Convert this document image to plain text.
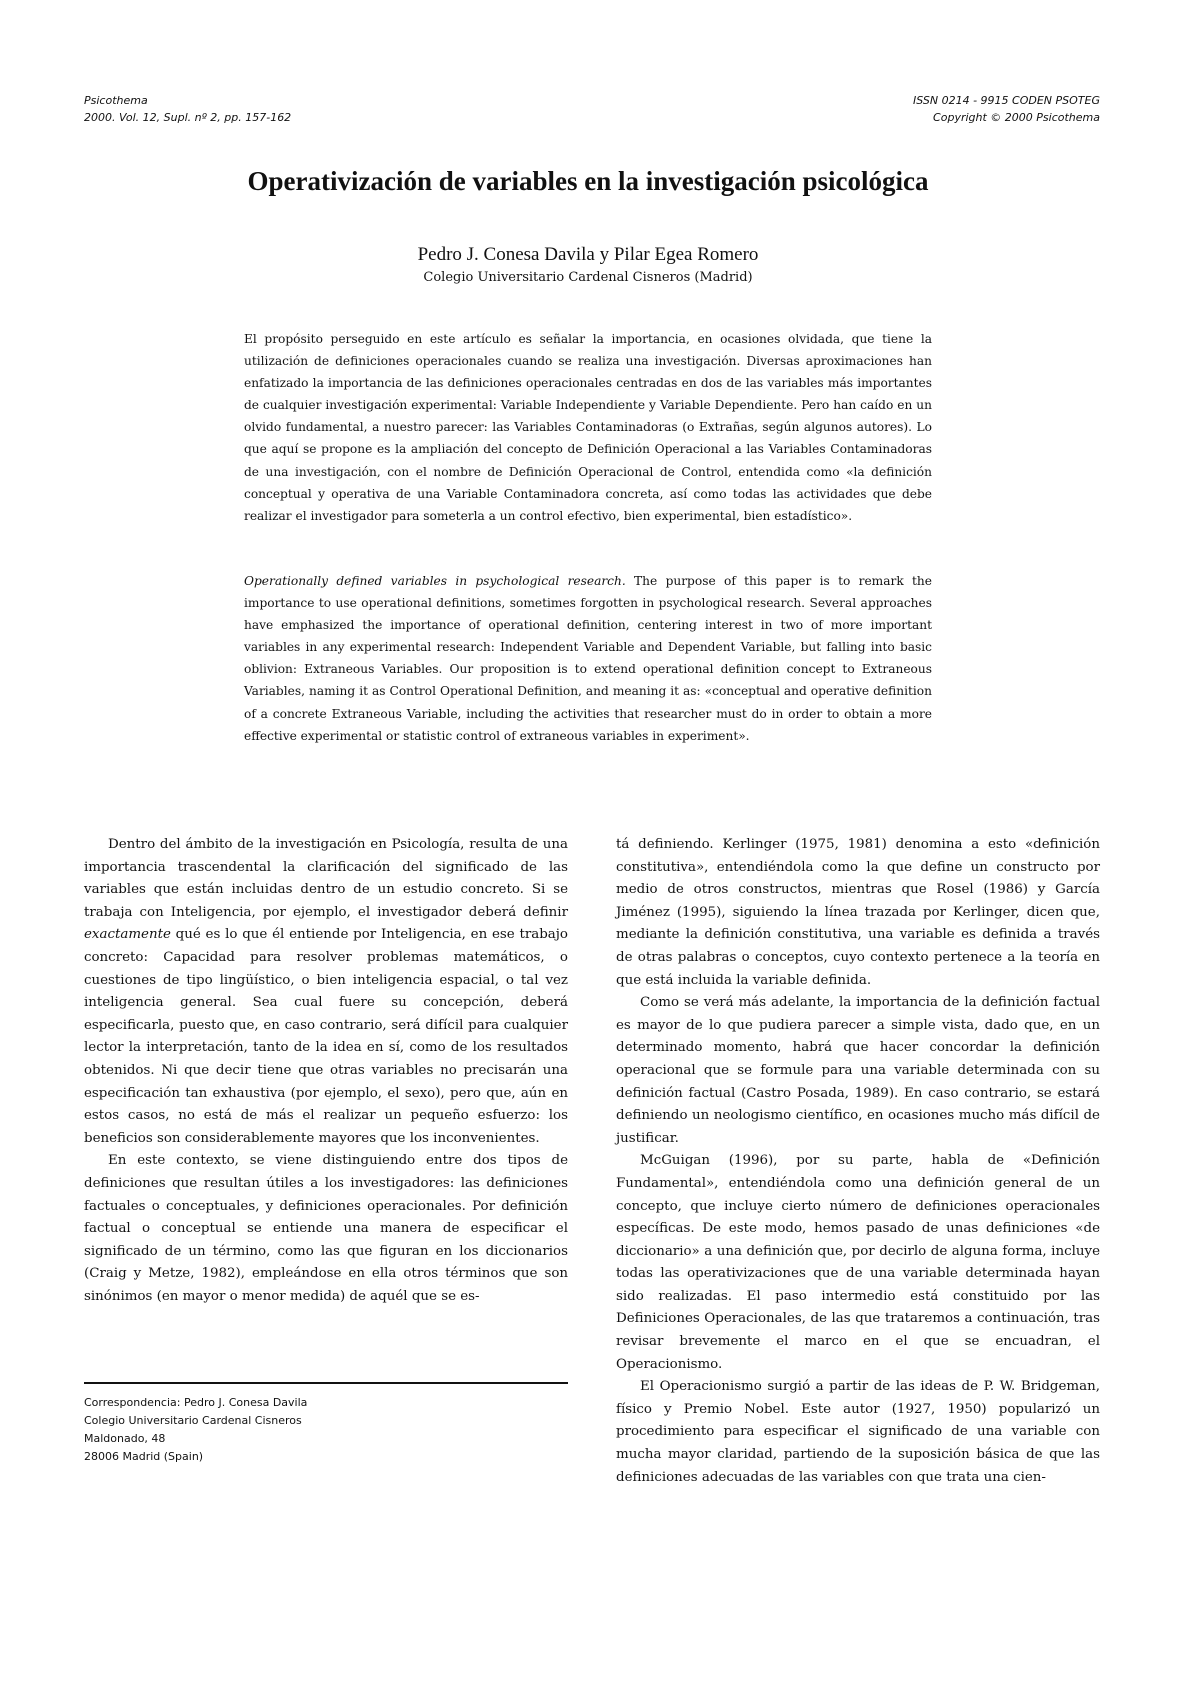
Psicothema
2000. Vol. 12, Supl. nº 2, pp. 157-162
ISSN 0214 - 9915 CODEN PSOTEG
Copyright © 2000 Psicothema
Operativización de variables en la investigación psicológica
Pedro J. Conesa Davila y Pilar Egea Romero
Colegio Universitario Cardenal Cisneros (Madrid)

El propósito perseguido en este artículo es señalar la importancia, en ocasiones olvidada, que tiene la utilización de definiciones operacionales cuando se realiza una investigación. Diversas aproximaciones han enfatizado la importancia de las definiciones operacionales centradas en dos de las variables más importantes de cualquier investigación experimental: Variable Independiente y Variable Dependiente. Pero han caído en un olvido fundamental, a nuestro parecer: las Variables Contaminadoras (o Extrañas, según algunos autores). Lo que aquí se propone es la ampliación del concepto de Definición Operacional a las Variables Contaminadoras de una investigación, con el nombre de Definición Operacional de Control, entendida como «la definición conceptual y operativa de una Variable Contaminadora concreta, así como todas las actividades que debe realizar el investigador para someterla a un control efectivo, bien experimental, bien estadístico».

Operationally defined variables in psychological research. The purpose of this paper is to remark the importance to use operational definitions, sometimes forgotten in psychological research. Several approaches have emphasized the importance of operational definition, centering interest in two of more important variables in any experimental research: Independent Variable and Dependent Variable, but falling into basic oblivion: Extraneous Variables. Our proposition is to extend operational definition concept to Extraneous Variables, naming it as Control Operational Definition, and meaning it as: «conceptual and operative definition of a concrete Extraneous Variable, including the activities that researcher must do in order to obtain a more effective experimental or statistic control of extraneous variables in experiment».

Dentro del ámbito de la investigación en Psicología, resulta de una importancia trascendental la clarificación del significado de las variables que están incluidas dentro de un estudio concreto. Si se trabaja con Inteligencia, por ejemplo, el investigador deberá definir exactamente qué es lo que él entiende por Inteligencia, en ese trabajo concreto: Capacidad para resolver problemas matemáticos, o cuestiones de tipo lingüístico, o bien inteligencia espacial, o tal vez inteligencia general. Sea cual fuere su concepción, deberá especificarla, puesto que, en caso contrario, será difícil para cualquier lector la interpretación, tanto de la idea en sí, como de los resultados obtenidos. Ni que decir tiene que otras variables no precisarán una especificación tan exhaustiva (por ejemplo, el sexo), pero que, aún en estos casos, no está de más el realizar un pequeño esfuerzo: los beneficios son considerablemente mayores que los inconvenientes.

En este contexto, se viene distinguiendo entre dos tipos de definiciones que resultan útiles a los investigadores: las definiciones factuales o conceptuales, y definiciones operacionales. Por definición factual o conceptual se entiende una manera de especificar el significado de un término, como las que figuran en los diccionarios (Craig y Metze, 1982), empleándose en ella otros términos que son sinónimos (en mayor o menor medida) de aquél que se es-

tá definiendo. Kerlinger (1975, 1981) denomina a esto «definición constitutiva», entendiéndola como la que define un constructo por medio de otros constructos, mientras que Rosel (1986) y García Jiménez (1995), siguiendo la línea trazada por Kerlinger, dicen que, mediante la definición constitutiva, una variable es definida a través de otras palabras o conceptos, cuyo contexto pertenece a la teoría en que está incluida la variable definida.

Como se verá más adelante, la importancia de la definición factual es mayor de lo que pudiera parecer a simple vista, dado que, en un determinado momento, habrá que hacer concordar la definición operacional que se formule para una variable determinada con su definición factual (Castro Posada, 1989). En caso contrario, se estará definiendo un neologismo científico, en ocasiones mucho más difícil de justificar.

McGuigan (1996), por su parte, habla de «Definición Fundamental», entendiéndola como una definición general de un concepto, que incluye cierto número de definiciones operacionales específicas. De este modo, hemos pasado de unas definiciones «de diccionario» a una definición que, por decirlo de alguna forma, incluye todas las operativizaciones que de una variable determinada hayan sido realizadas. El paso intermedio está constituido por las Definiciones Operacionales, de las que trataremos a continuación, tras revisar brevemente el marco en el que se encuadran, el Operacionismo.

El Operacionismo surgió a partir de las ideas de P. W. Bridgeman, físico y Premio Nobel. Este autor (1927, 1950) popularizó un procedimiento para especificar el significado de una variable con mucha mayor claridad, partiendo de la suposición básica de que las definiciones adecuadas de las variables con que trata una cien-

Correspondencia: Pedro J. Conesa Davila
Colegio Universitario Cardenal Cisneros
Maldonado, 48
28006 Madrid (Spain)
